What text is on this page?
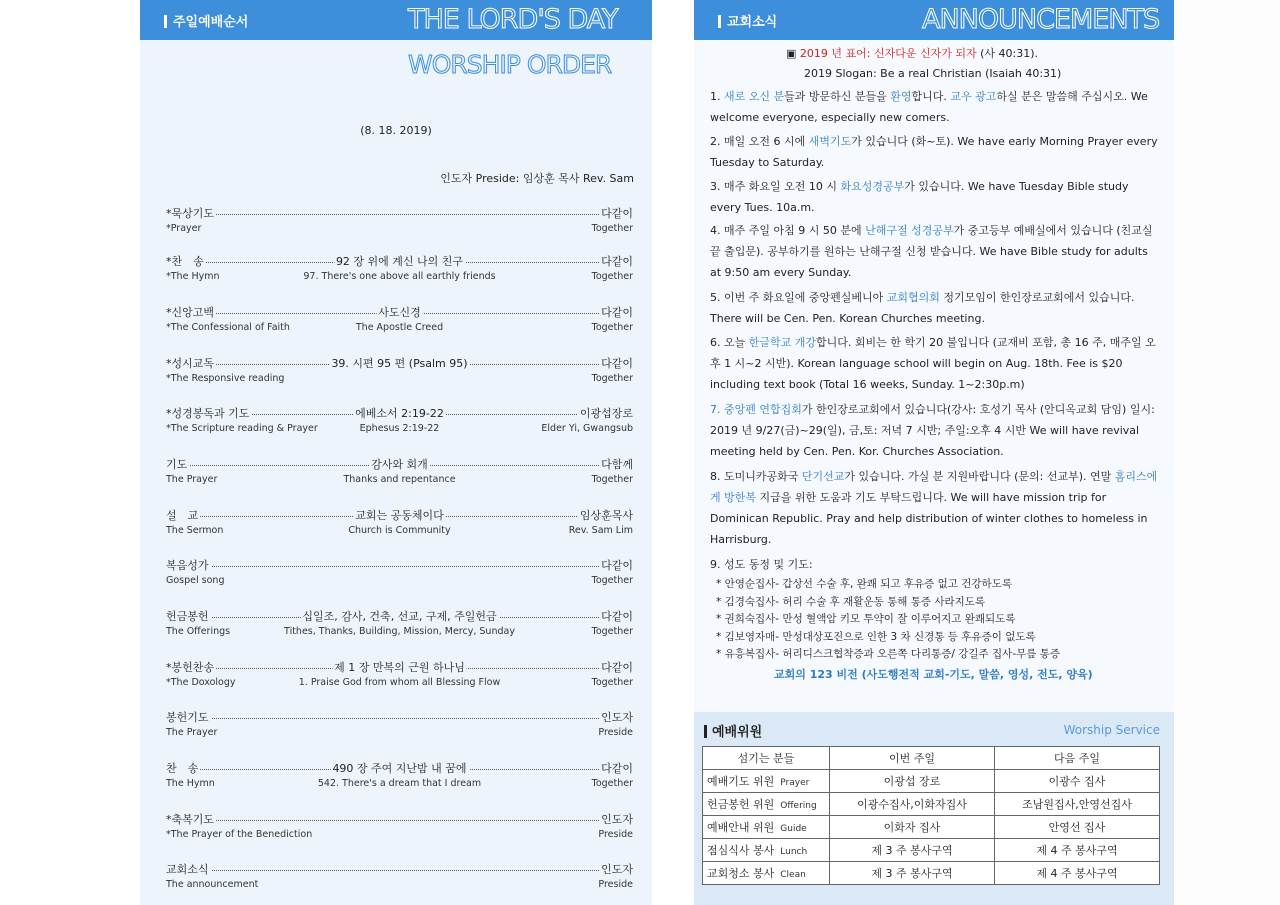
주일예배순서	THE LORD'S DAY
WORSHIP ORDER
(8. 18. 2019)
인도자 Preside: 임상훈 목사 Rev. Sam
*묵상기도	다같이
*Prayer	Together
*찬　송	92 장 위에 계신 나의 친구	다같이
*The Hymn	97. There's one above all earthly friends	Together
*신앙고백	사도신경	다같이
*The Confessional of Faith	The Apostle Creed	Together
*성시교독	39. 시편 95 편 (Psalm 95)	다같이
*The Responsive reading	Together
*성경봉독과 기도	에베소서 2:19-22	이광섭장로
*The Scripture reading & Prayer	Ephesus 2:19-22	Elder Yi, Gwangsub
기도	감사와 회개	다함께
The Prayer	Thanks and repentance	Together
설　교	교회는 공동체이다	임상훈목사
The Sermon	Church is Community	Rev. Sam Lim
복음성가	다같이
Gospel song	Together
헌금봉헌	십일조, 감사, 건축, 선교, 구제, 주일헌금	다같이
The Offerings	Tithes, Thanks, Building, Mission, Mercy, Sunday	Together
*봉헌찬송	제 1 장 만복의 근원 하나님	다같이
*The Doxology	1. Praise God from whom all Blessing Flow	Together
봉헌기도	인도자
The Prayer	Preside
찬　송	490 장 주여 지난밤 내 꿈에	다같이
The Hymn	542. There's a dream that I dream	Together
*축복기도	인도자
*The Prayer of the Benediction	Preside
교회소식	인도자
The announcement	Preside
교회소식	ANNOUNCEMENTS
▣ 2019 년 표어: 신자다운 신자가 되자 (사 40:31).
2019 Slogan: Be a real Christian (Isaiah 40:31)
1. 새로 오신 분들과 방문하신 분들을 환영합니다. 교우 광고하실 분은 말씀해 주십시오. We welcome everyone, especially new comers.
2. 매일 오전 6 시에 새벽기도가 있습니다 (화~토). We have early Morning Prayer every Tuesday to Saturday.
3. 매주 화요일 오전 10 시 화요성경공부가 있습니다. We have Tuesday Bible study every Tues. 10a.m.
4. 매주 주일 아침 9 시 50 분에 난해구절 성경공부가 중고등부 예배실에서 있습니다 (친교실 끝 출입문). 공부하기를 원하는 난해구절 신청 받습니다. We have Bible study for adults at 9:50 am every Sunday.
5. 이번 주 화요일에 중앙펜실베니아 교회협의회 정기모임이 한인장로교회에서 있습니다. There will be Cen. Pen. Korean Churches meeting.
6. 오늘 한글학교 개강합니다. 회비는 한 학기 20 불입니다 (교재비 포함, 총 16 주, 매주일 오후 1 시~2 시반). Korean language school will begin on Aug. 18th. Fee is $20 including text book (Total 16 weeks, Sunday. 1~2:30p.m)
7. 중앙펜 연합집회가 한인장로교회에서 있습니다(강사: 호성기 목사 (안디옥교회 담임) 일시: 2019 년 9/27(금)~29(일), 금,토: 저녁 7 시반; 주일:오후 4 시반 We will have revival meeting held by Cen. Pen. Kor. Churches Association.
8. 도미니카공화국 단기선교가 있습니다. 가실 분 지원바랍니다 (문의: 선교부). 연말 홈리스에게 방한복 지급을 위한 도움과 기도 부탁드립니다. We will have mission trip for Dominican Republic. Pray and help distribution of winter clothes to homeless in Harrisburg.
9. 성도 동정 및 기도:
* 안영순집사- 갑상선 수술 후, 완쾌 되고 후유증 없고 건강하도록
* 김경숙집사- 허리 수술 후 재활운동 통해 통증 사라지도록
* 권희숙집사- 만성 혈액암 키모 투약이 잘 이루어지고 완쾌되도록
* 김보영자매- 만성대상포진으로 인한 3 차 신경통 등 후유증이 없도록
* 유흥복집사- 허리디스크협착증과 오른쪽 다리통증/ 강길주 집사-무릎 통증
교회의 123 비전 (사도행전적 교회-기도, 말씀, 영성, 전도, 양육)
예배위원	Worship Service
섬기는 분들	이번 주일	다음 주일
예배기도 위원 Prayer	이광섭 장로	이광수 집사
헌금봉헌 위원 Offering	이광수집사,이화자집사	조남원집사,안영선집사
예배안내 위원 Guide	이화자 집사	안영선 집사
점심식사 봉사 Lunch	제 3 주 봉사구역	제 4 주 봉사구역
교회청소 봉사 Clean	제 3 주 봉사구역	제 4 주 봉사구역
